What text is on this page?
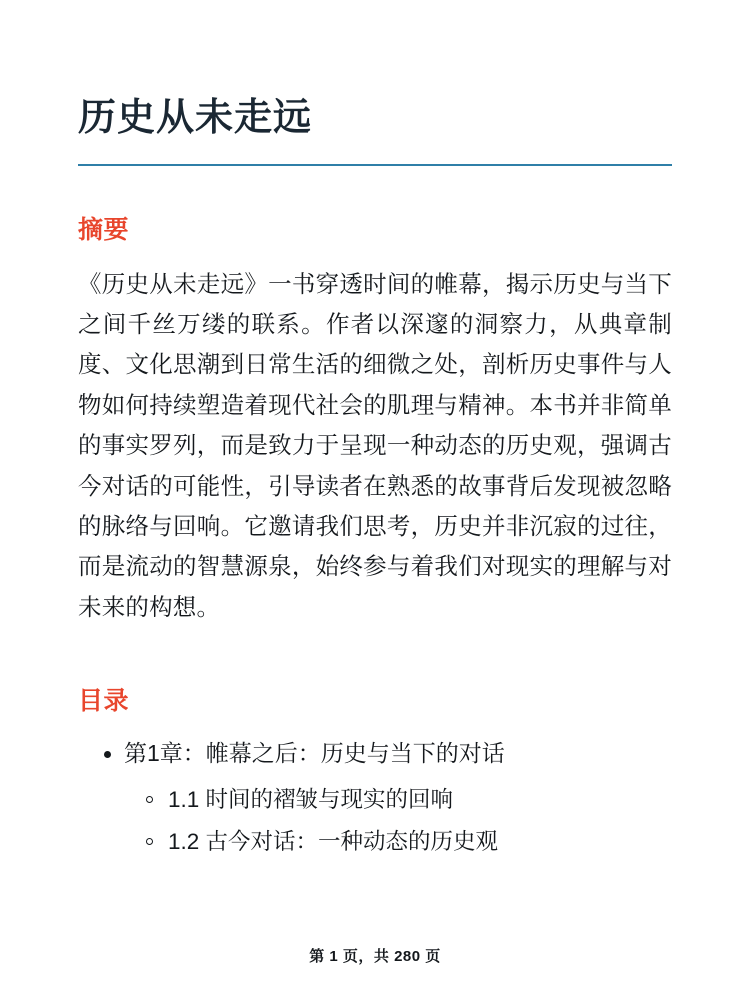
历史从未走远
摘要

《历史从未走远》一书穿透时间的帷幕，揭示历史与当下之间千丝万缕的联系。作者以深邃的洞察力，从典章制度、文化思潮到日常生活的细微之处，剖析历史事件与人物如何持续塑造着现代社会的肌理与精神。本书并非简单的事实罗列，而是致力于呈现一种动态的历史观，强调古今对话的可能性，引导读者在熟悉的故事背后发现被忽略的脉络与回响。它邀请我们思考，历史并非沉寂的过往，而是流动的智慧源泉，始终参与着我们对现实的理解与对未来的构想。

目录
第1章：帷幕之后：历史与当下的对话
1.1 时间的褶皱与现实的回响
1.2 古今对话：一种动态的历史观
第 1 页，共 280 页
